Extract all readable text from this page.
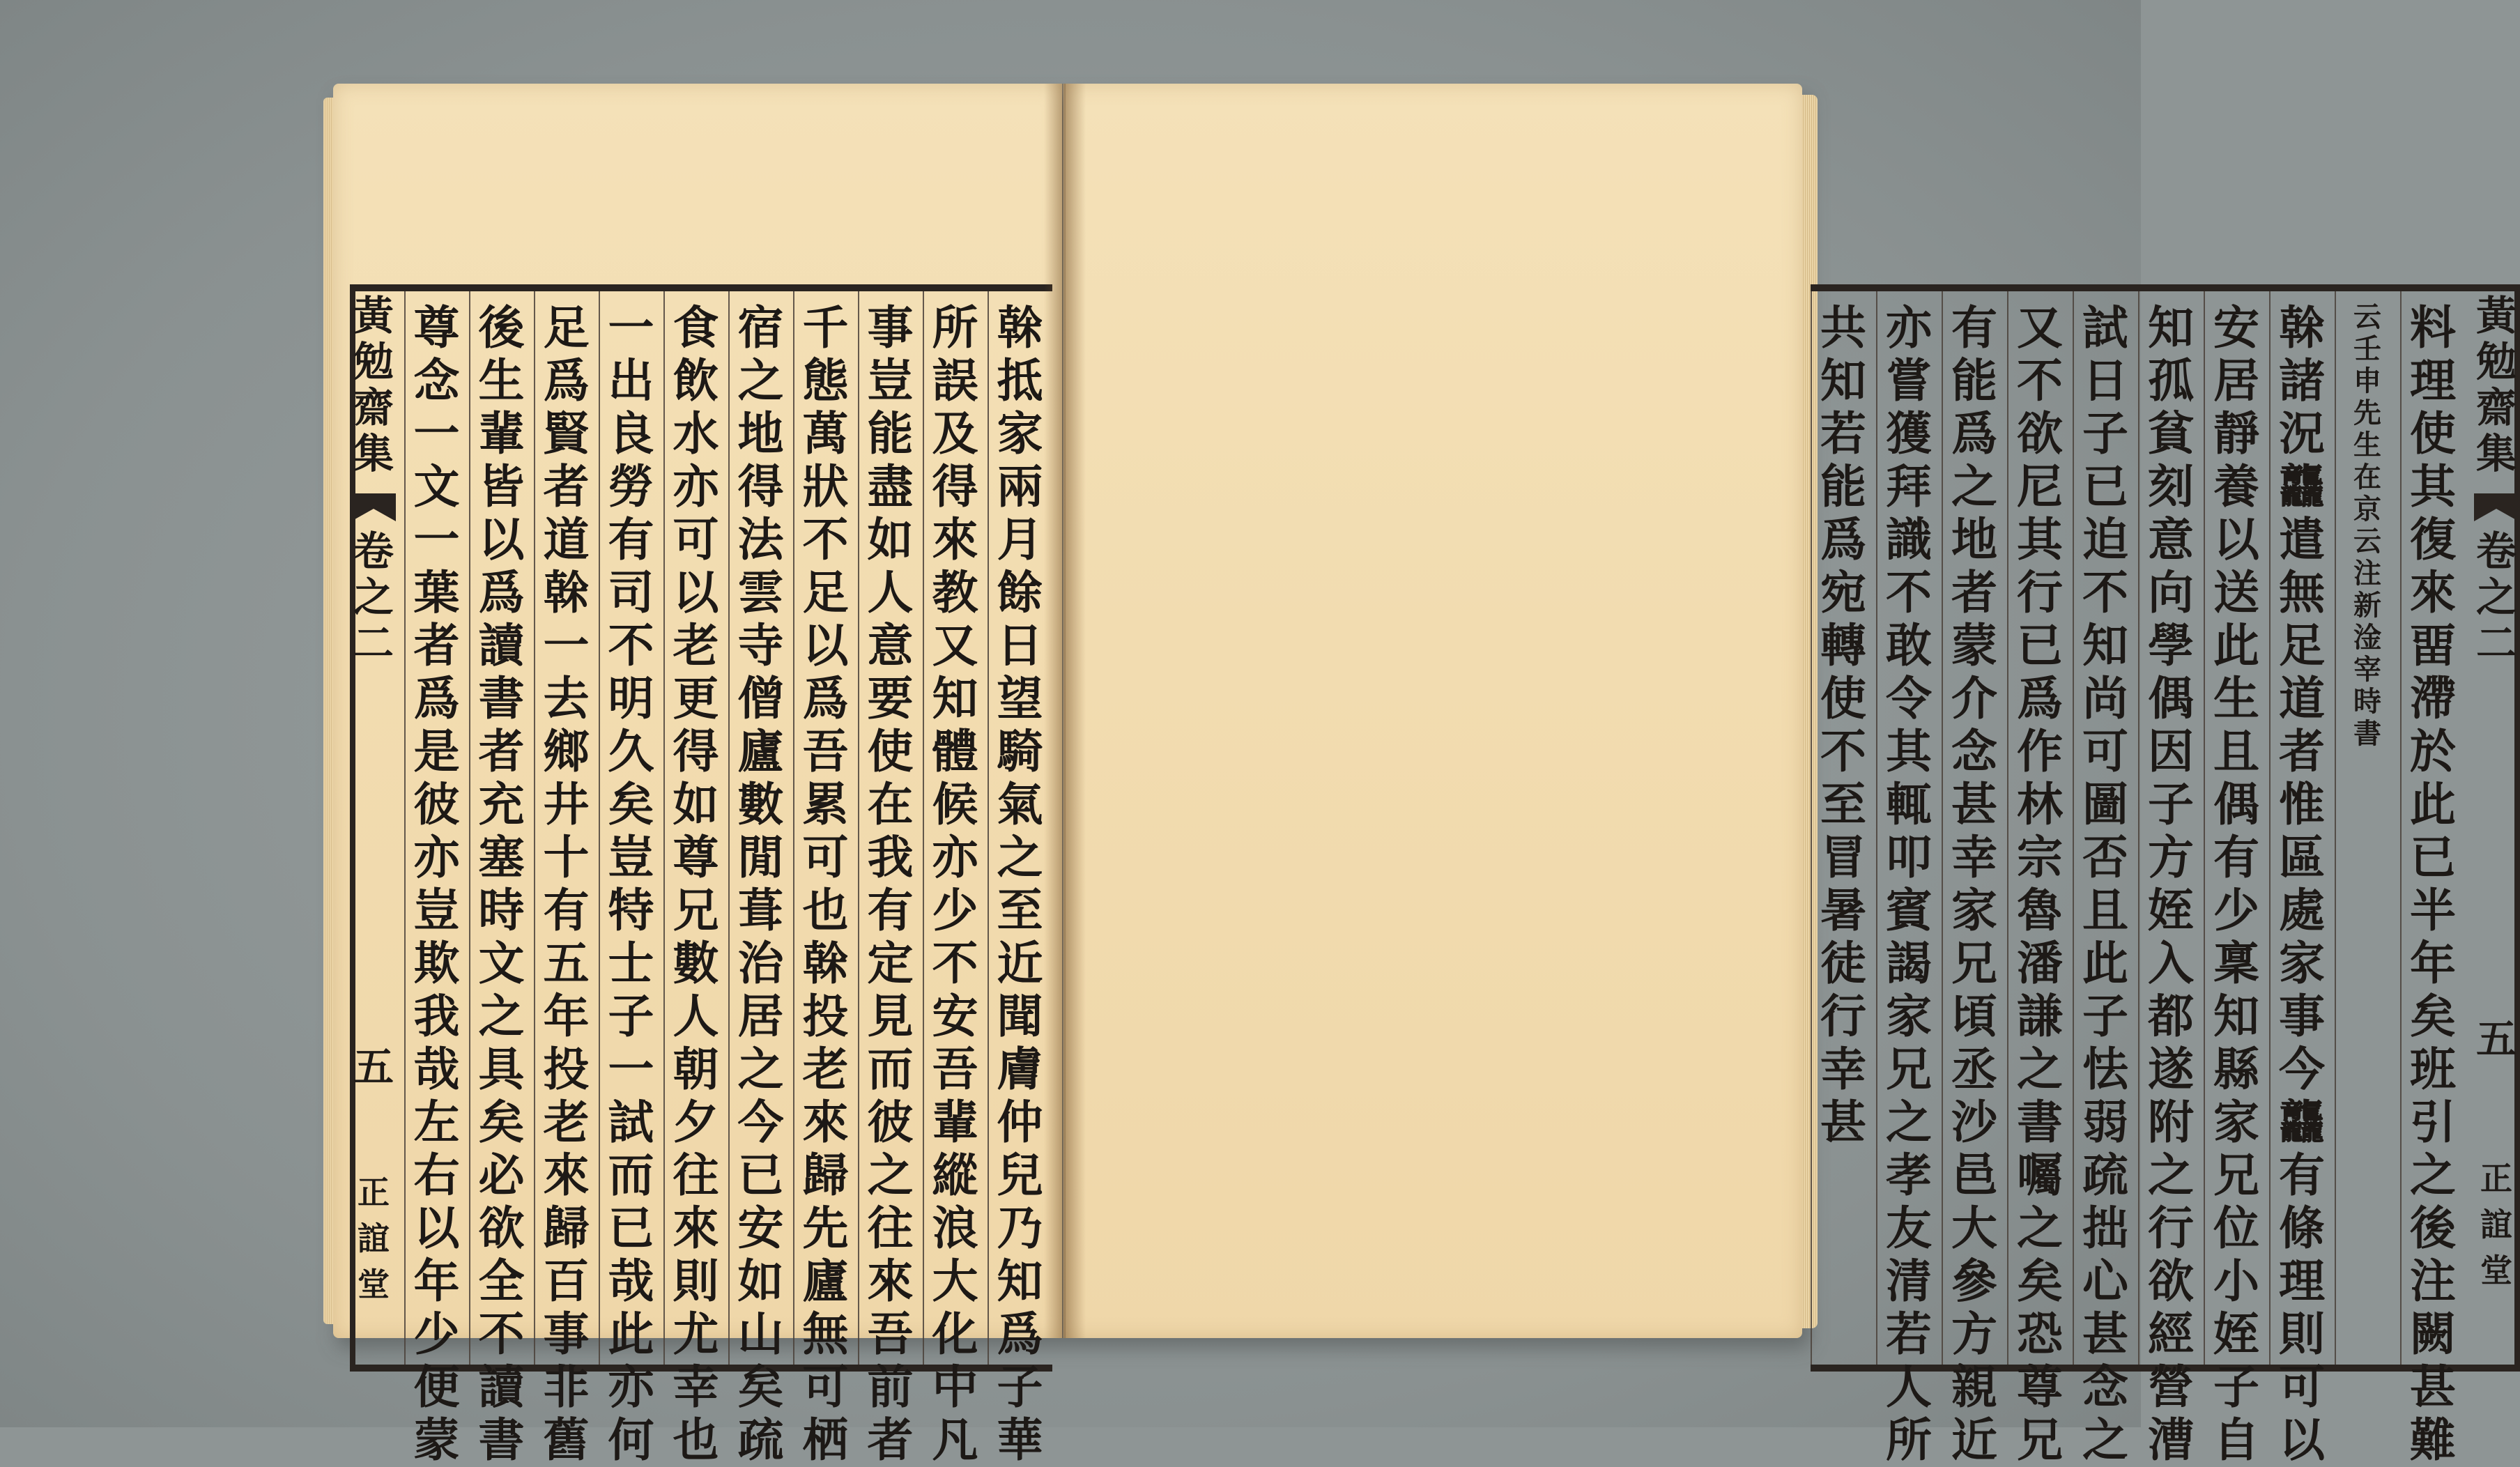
黃
勉
齋
集
卷
之
二
五
正
誼
堂
榦
抵
家
兩
月
餘
日
望
騎
氣
之
至
近
聞
膚
仲
兒
乃
知
爲
子
華
所
誤
及
得
來
教
又
知
體
候
亦
少
不
安
吾
輩
縱
浪
大
化
中
凡
事
豈
能
盡
如
人
意
要
使
在
我
有
定
見
而
彼
之
往
來
吾
前
者
千
態
萬
狀
不
足
以
爲
吾
累
可
也
榦
投
老
來
歸
先
廬
無
可
栖
宿
之
地
得
法
雲
寺
僧
廬
數
閒
葺
治
居
之
今
已
安
如
山
矣
疏
食
飲
水
亦
可
以
老
更
得
如
尊
兄
數
人
朝
夕
往
來
則
尤
幸
也
一
出
良
勞
有
司
不
明
久
矣
豈
特
士
子
一
試
而
已
哉
此
亦
何
足
爲
賢
者
道
榦
一
去
鄉
井
十
有
五
年
投
老
來
歸
百
事
非
舊
後
生
輩
皆
以
爲
讀
書
者
充
塞
時
文
之
具
矣
必
欲
全
不
讀
書
尊
念
一
文
一
葉
者
爲
是
彼
亦
豈
欺
我
哉
左
右
以
年
少
便
蒙
黃
勉
齋
集
卷
之
二
五
正
誼
堂
料
理
使
其
復
來
畱
滯
於
此
已
半
年
矣
班
引
之
後
注
闕
甚
難
云
壬
申
先
生
在
京
云
注
新
淦
宰
時
書
榦
諸
況
龘
遣
無
足
道
者
惟
區
處
家
事
今
龘
有
條
理
則
可
以
安
居
靜
養
以
送
此
生
且
偶
有
少
稟
知
縣
家
兄
位
小
姪
子
自
知
孤
貧
刻
意
向
學
偶
因
子
方
姪
入
都
遂
附
之
行
欲
經
營
漕
試
日
子
已
迫
不
知
尚
可
圖
否
且
此
子
怯
弱
疏
拙
心
甚
念
之
又
不
欲
尼
其
行
已
爲
作
林
宗
魯
潘
謙
之
書
囑
之
矣
恐
尊
兄
有
能
爲
之
地
者
蒙
介
念
甚
幸
家
兄
頃
丞
沙
邑
大
參
方
親
近
亦
嘗
獲
拜
識
不
敢
令
其
輒
叩
賓
謁
家
兄
之
孝
友
清
若
人
所
共
知
若
能
爲
宛
轉
使
不
至
冒
暑
徒
行
幸
甚
